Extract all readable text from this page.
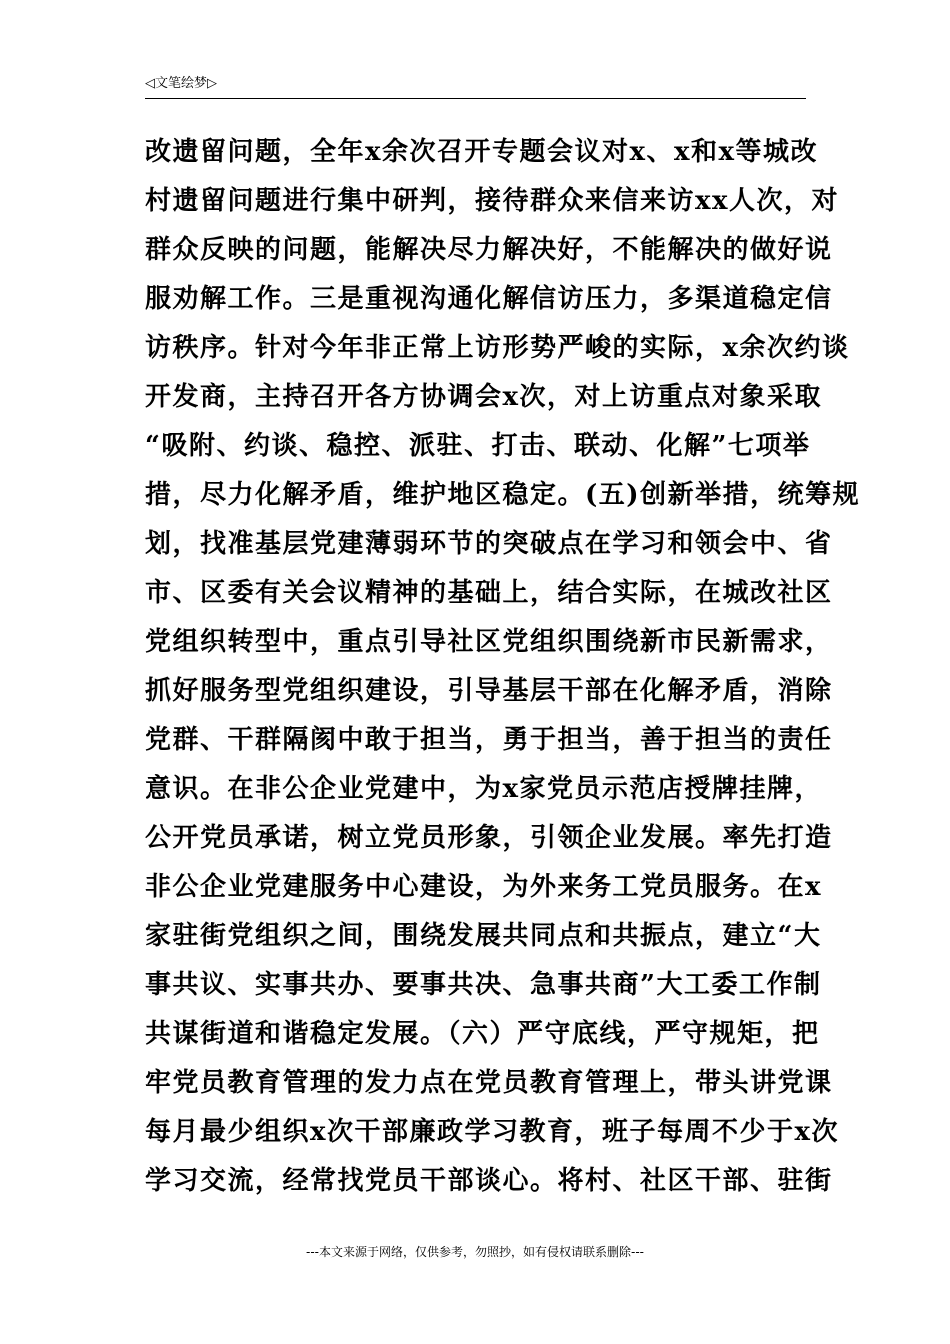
◁文笔绘梦▷
改遗留问题，全年x余次召开专题会议对x、x和x等城改
村遗留问题进行集中研判，接待群众来信来访xx人次，对
群众反映的问题，能解决尽力解决好，不能解决的做好说
服劝解工作。三是重视沟通化解信访压力，多渠道稳定信
访秩序。针对今年非正常上访形势严峻的实际，x余次约谈
开发商，主持召开各方协调会x次，对上访重点对象采取
“吸附、约谈、稳控、派驻、打击、联动、化解”七项举
措，尽力化解矛盾，维护地区稳定。(五)创新举措，统筹规
划，找准基层党建薄弱环节的突破点在学习和领会中、省
市、区委有关会议精神的基础上，结合实际，在城改社区
党组织转型中，重点引导社区党组织围绕新市民新需求，
抓好服务型党组织建设，引导基层干部在化解矛盾，消除
党群、干群隔阂中敢于担当，勇于担当，善于担当的责任
意识。在非公企业党建中，为x家党员示范店授牌挂牌，
公开党员承诺，树立党员形象，引领企业发展。率先打造
非公企业党建服务中心建设，为外来务工党员服务。在x
家驻街党组织之间，围绕发展共同点和共振点，建立“大
事共议、实事共办、要事共决、急事共商”大工委工作制
共谋街道和谐稳定发展。（六）严守底线，严守规矩，把
牢党员教育管理的发力点在党员教育管理上，带头讲党课
每月最少组织x次干部廉政学习教育，班子每周不少于x次
学习交流，经常找党员干部谈心。将村、社区干部、驻街
---本文来源于网络，仅供参考，勿照抄，如有侵权请联系删除---
